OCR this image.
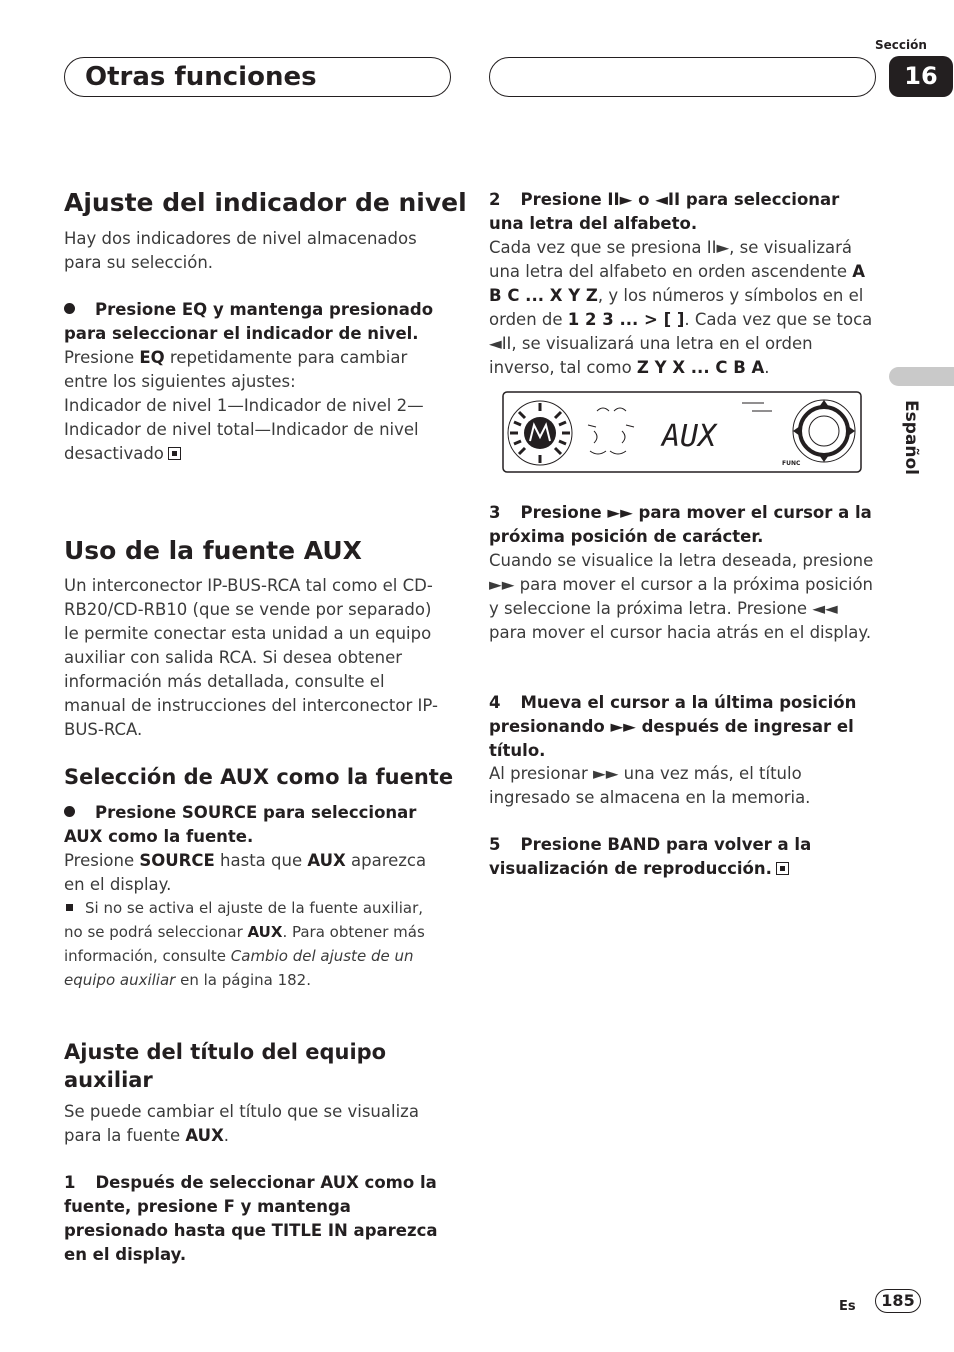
Otras funciones
Sección
16
Español
Ajuste del indicador de nivel
Hay dos indicadores de nivel almacenados para su selección.
Presione EQ y mantenga presionado para seleccionar el indicador de nivel.
Presione EQ repetidamente para cambiar entre los siguientes ajustes:
Indicador de nivel 1—Indicador de nivel 2—Indicador de nivel total—Indicador de nivel desactivado
Uso de la fuente AUX
Un interconector IP-BUS-RCA tal como el CD-RB20/CD-RB10 (que se vende por separado) le permite conectar esta unidad a un equipo auxiliar con salida RCA. Si desea obtener información más detallada, consulte el manual de instrucciones del interconector IP-BUS-RCA.
Selección de AUX como la fuente
Presione SOURCE para seleccionar AUX como la fuente.
Presione SOURCE hasta que AUX aparezca en el display.
Si no se activa el ajuste de la fuente auxiliar, no se podrá seleccionar AUX. Para obtener más información, consulte Cambio del ajuste de un equipo auxiliar en la página 182.
Ajuste del título del equipo auxiliar
Se puede cambiar el título que se visualiza para la fuente AUX.
1 Después de seleccionar AUX como la fuente, presione F y mantenga presionado hasta que TITLE IN aparezca en el display.
2 Presione II► o ◄II para seleccionar una letra del alfabeto.
Cada vez que se presiona II►, se visualizará una letra del alfabeto en orden ascendente A B C ... X Y Z, y los números y símbolos en el orden de 1 2 3 ... > [ ]. Cada vez que se toca ◄II, se visualizará una letra en el orden inverso, tal como Z Y X ... C B A.
AUX
FUNC
3 Presione ►► para mover el cursor a la próxima posición de carácter.
Cuando se visualice la letra deseada, presione ►► para mover el cursor a la próxima posición y seleccione la próxima letra. Presione ◄◄ para mover el cursor hacia atrás en el display.
4 Mueva el cursor a la última posición presionando ►► después de ingresar el título.
Al presionar ►► una vez más, el título ingresado se almacena en la memoria.
5 Presione BAND para volver a la visualización de reproducción.
Es	185
